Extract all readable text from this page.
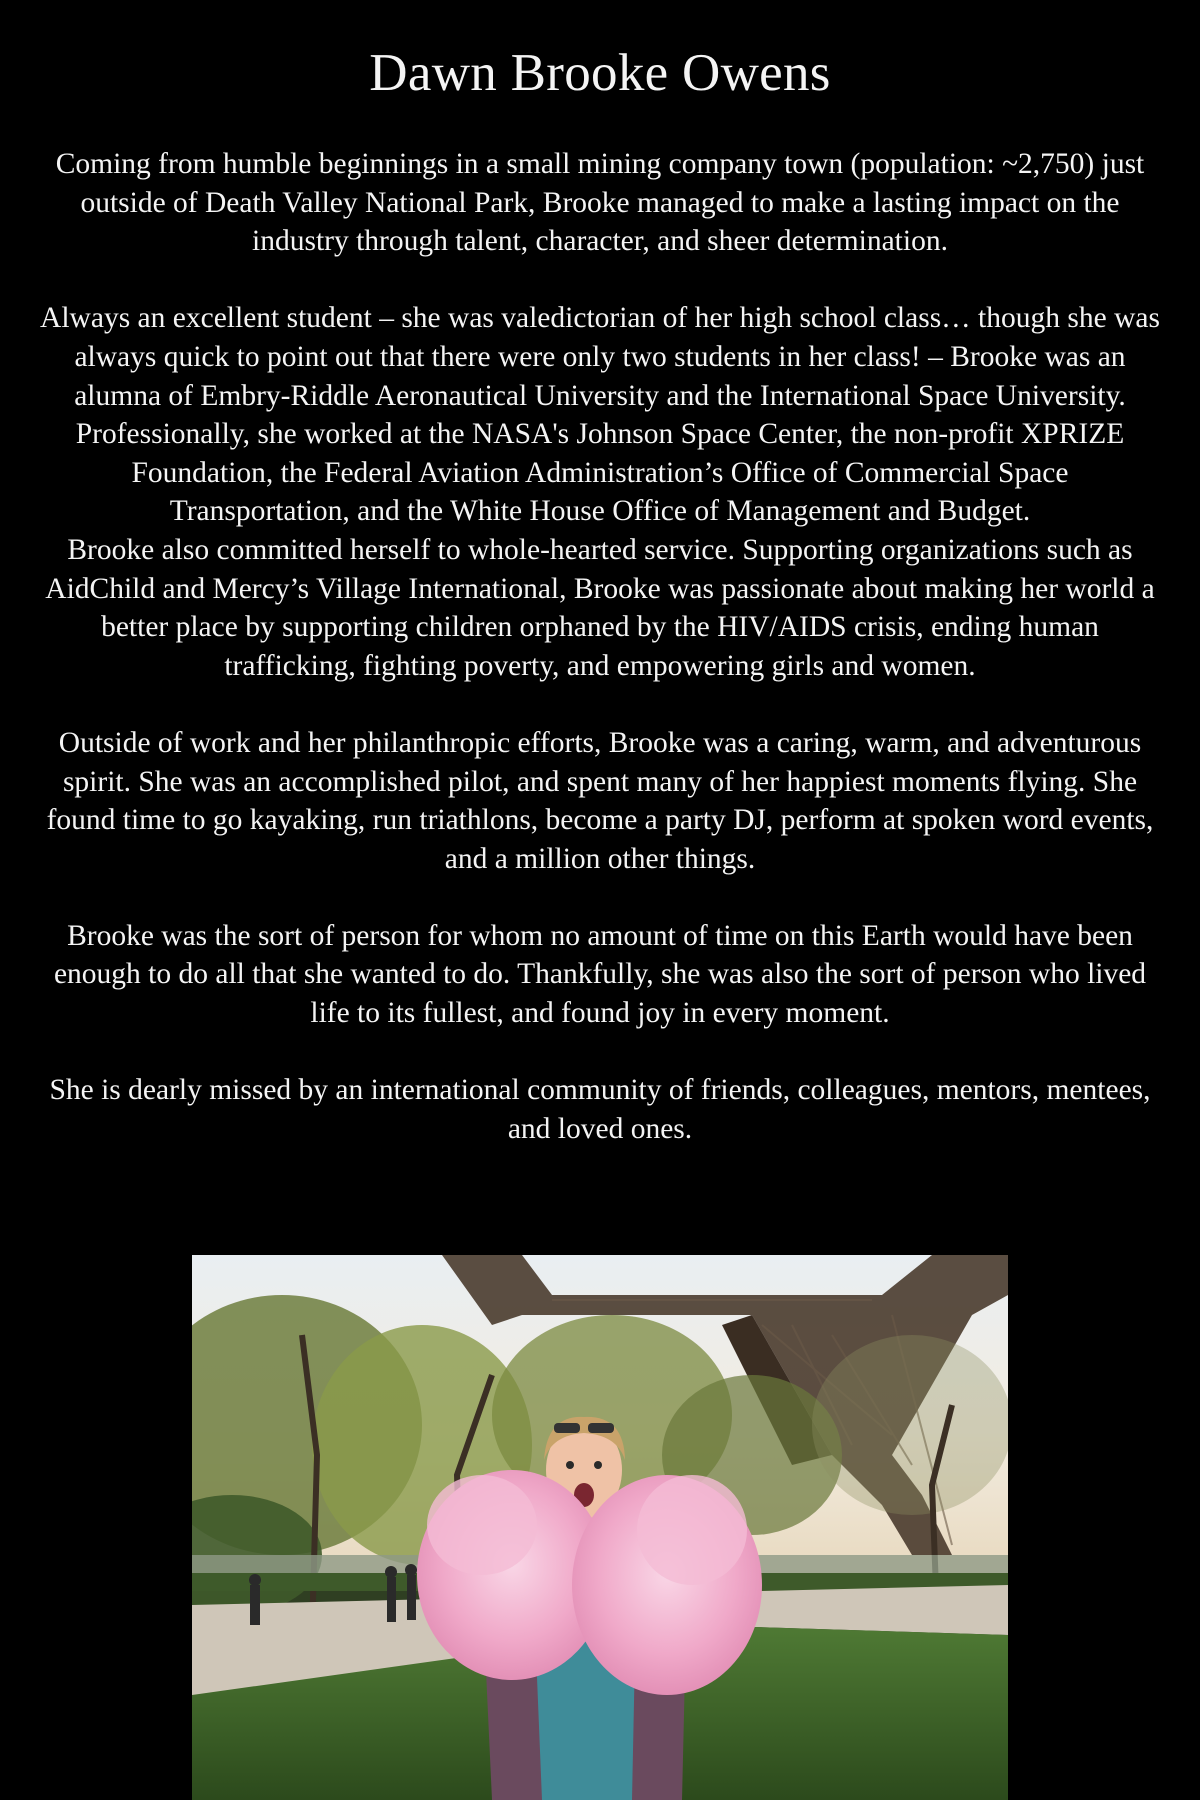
Dawn Brooke Owens

Coming from humble beginnings in a small mining company town (population: ~2,750) just outside of Death Valley National Park, Brooke managed to make a lasting impact on the industry through talent, character, and sheer determination.

Always an excellent student – she was valedictorian of her high school class… though she was always quick to point out that there were only two students in her class! – Brooke was an alumna of Embry-Riddle Aeronautical University and the International Space University. Professionally, she worked at the NASA's Johnson Space Center, the non-profit XPRIZE Foundation, the Federal Aviation Administration’s Office of Commercial Space Transportation, and the White House Office of Management and Budget.

Brooke also committed herself to whole-hearted service. Supporting organizations such as AidChild and Mercy’s Village International, Brooke was passionate about making her world a better place by supporting children orphaned by the HIV/AIDS crisis, ending human trafficking, fighting poverty, and empowering girls and women.

Outside of work and her philanthropic efforts, Brooke was a caring, warm, and adventurous spirit. She was an accomplished pilot, and spent many of her happiest moments flying. She found time to go kayaking, run triathlons, become a party DJ, perform at spoken word events, and a million other things.

Brooke was the sort of person for whom no amount of time on this Earth would have been enough to do all that she wanted to do. Thankfully, she was also the sort of person who lived life to its fullest, and found joy in every moment.

She is dearly missed by an international community of friends, colleagues, mentors, mentees, and loved ones.
